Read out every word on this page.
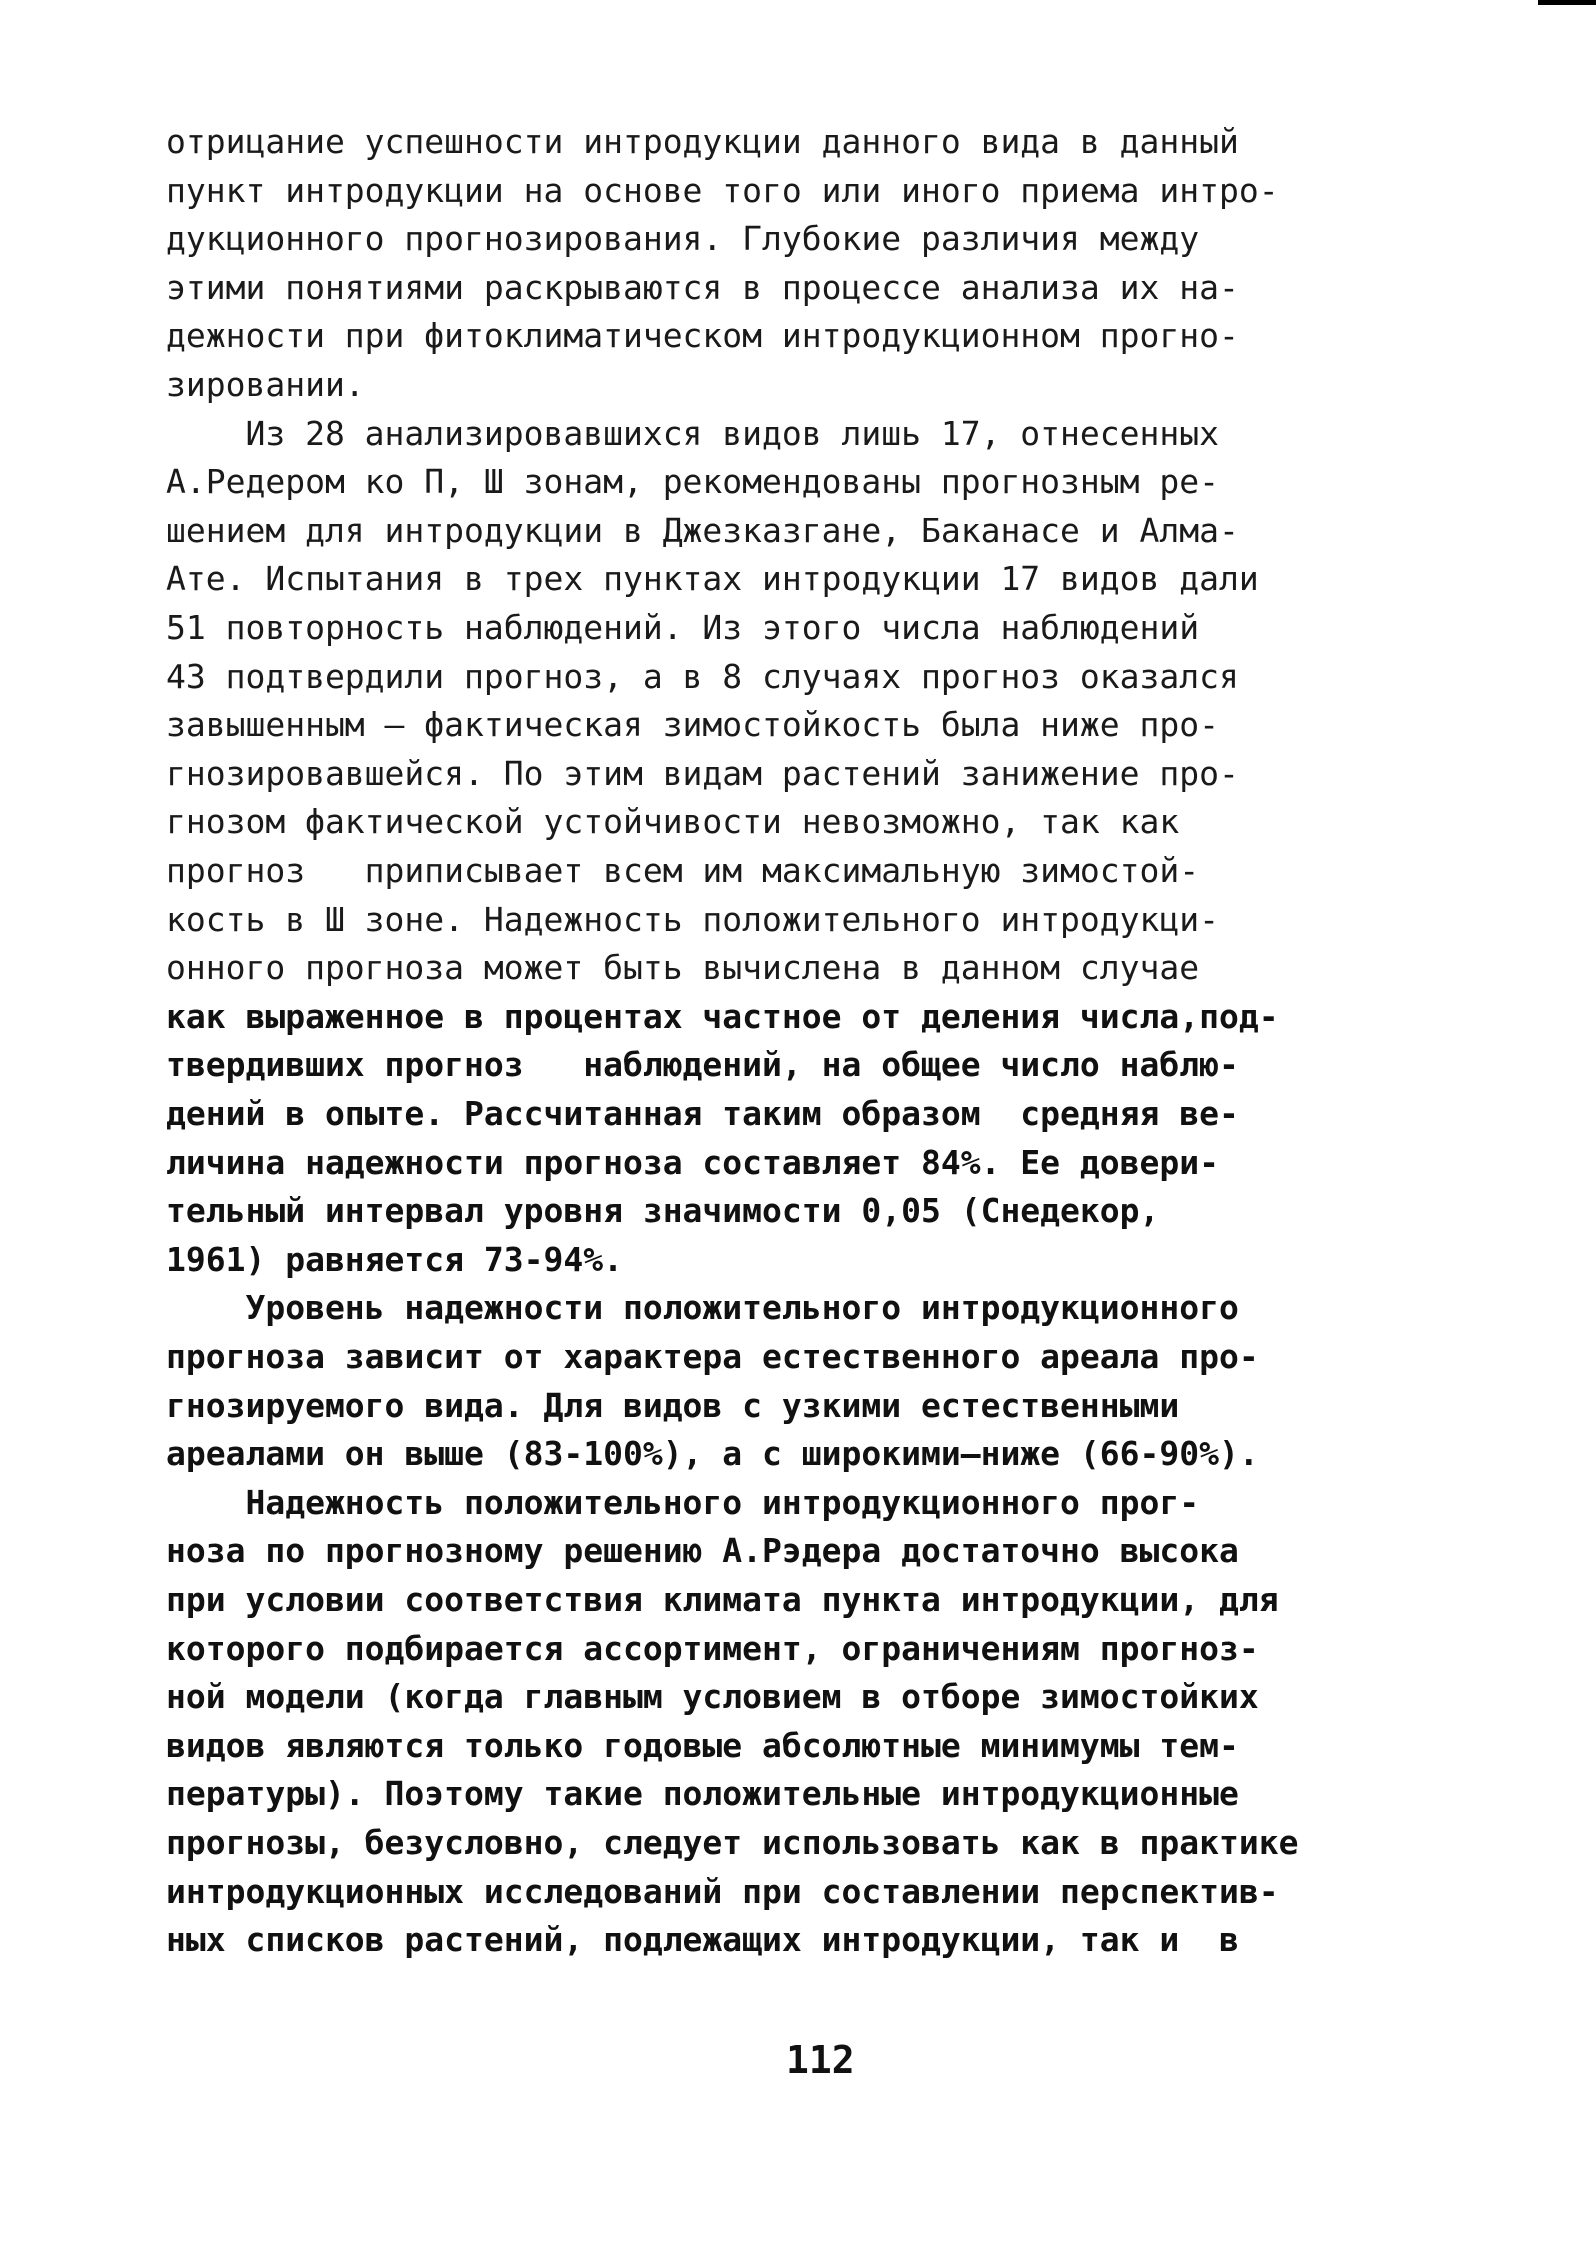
отрицание успешности интродукции данного вида в данный
пункт интродукции на основе того или иного приема интро-
дукционного прогнозирования. Глубокие различия между
этими понятиями раскрываются в процессе анализа их на-
дежности при фитоклиматическом интродукционном прогно-
зировании.
Из 28 анализировавшихся видов лишь 17, отнесенных
А.Редером ко П, Ш зонам, рекомендованы прогнозным ре-
шением для интродукции в Джезказгане, Баканасе и Алма-
Ате. Испытания в трех пунктах интродукции 17 видов дали
51 повторность наблюдений. Из этого числа наблюдений
43 подтвердили прогноз, а в 8 случаях прогноз оказался
завышенным – фактическая зимостойкость была ниже про-
гнозировавшейся. По этим видам растений занижение про-
гнозом фактической устойчивости невозможно, так как
прогноз   приписывает всем им максимальную зимостой-
кость в Ш зоне. Надежность положительного интродукци-
онного прогноза может быть вычислена в данном случае
как выраженное в процентах частное от деления числа,под-
твердивших прогноз   наблюдений, на общее число наблю-
дений в опыте. Рассчитанная таким образом  средняя ве-
личина надежности прогноза составляет 84%. Ее довери-
тельный интервал уровня значимости 0,05 (Снедекор,
1961) равняется 73-94%.
Уровень надежности положительного интродукционного
прогноза зависит от характера естественного ареала про-
гнозируемого вида. Для видов с узкими естественными
ареалами он выше (83-100%), а с широкими–ниже (66-90%).
Надежность положительного интродукционного прог-
ноза по прогнозному решению А.Рэдера достаточно высока
при условии соответствия климата пункта интродукции, для
которого подбирается ассортимент, ограничениям прогноз-
ной модели (когда главным условием в отборе зимостойких
видов являются только годовые абсолютные минимумы тем-
пературы). Поэтому такие положительные интродукционные
прогнозы, безусловно, следует использовать как в практике
интродукционных исследований при составлении перспектив-
ных списков растений, подлежащих интродукции, так и  в
112
